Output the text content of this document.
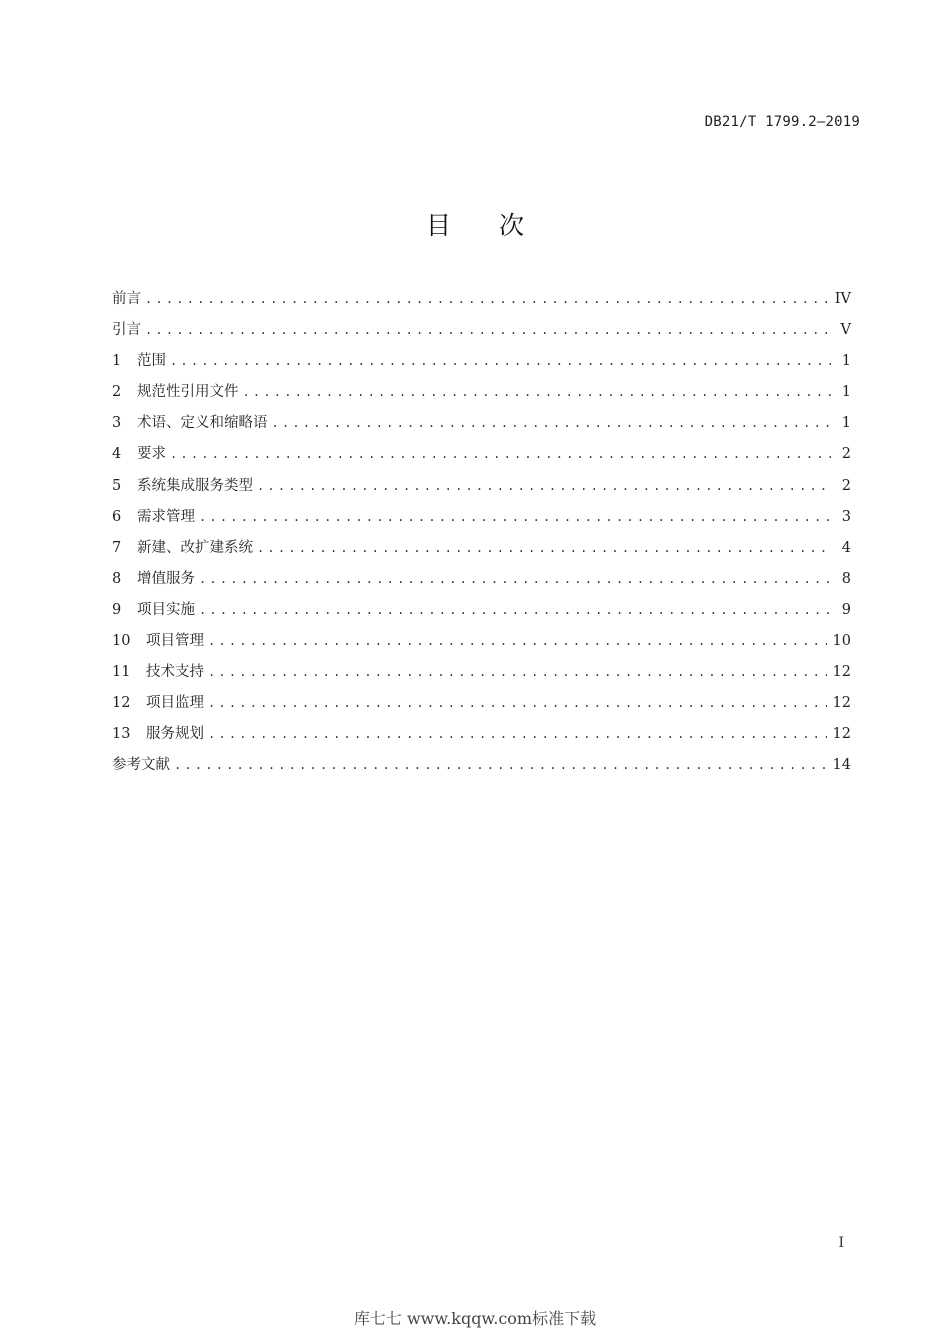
DB21/T 1799.2—2019
目 次
前言 .....	IV
引言 .....	V
1	范围 .....	1
2	规范性引用文件 .....	1
3	术语、定义和缩略语 .....	1
4	要求 .....	2
5	系统集成服务类型 .....	2
6	需求管理 .....	3
7	新建、改扩建系统 .....	4
8	增值服务 .....	8
9	项目实施 .....	9
10	项目管理 .....	10
11	技术支持 .....	12
12	项目监理 .....	12
13	服务规划 .....	12
参考文献 .....	14
I
库七七 www.kqqw.com标准下载
